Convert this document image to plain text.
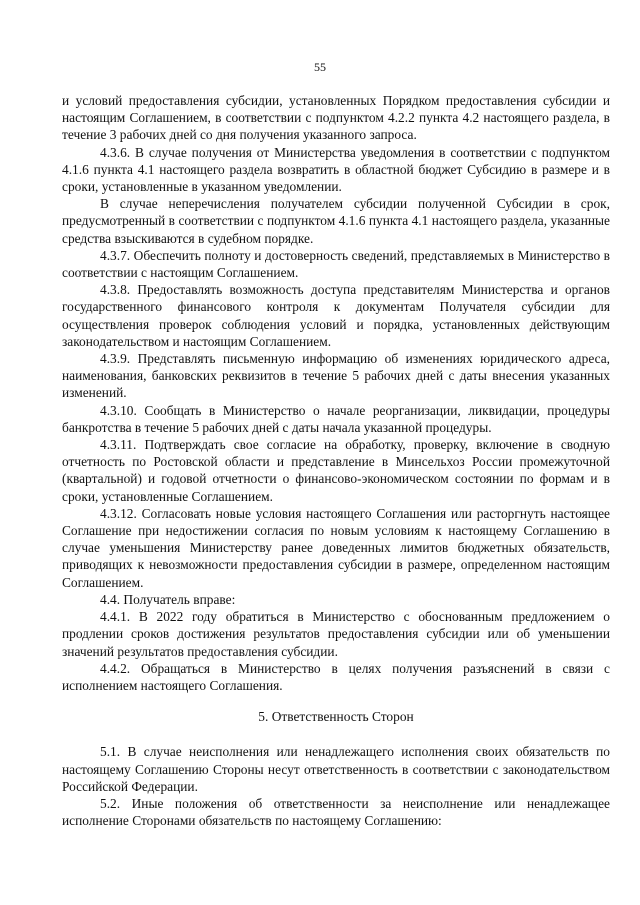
55

и условий предоставления субсидии, установленных Порядком предоставления субсидии и настоящим Соглашением, в соответствии с подпунктом 4.2.2 пункта 4.2 настоящего раздела, в течение 3 рабочих дней со дня получения указанного запроса.

4.3.6. В случае получения от Министерства уведомления в соответствии с подпунктом 4.1.6 пункта 4.1 настоящего раздела возвратить в областной бюджет Субсидию в размере и в сроки, установленные в указанном уведомлении.

В случае неперечисления получателем субсидии полученной Субсидии в срок, предусмотренный в соответствии с подпунктом 4.1.6 пункта 4.1 настоящего раздела, указанные средства взыскиваются в судебном порядке.

4.3.7. Обеспечить полноту и достоверность сведений, представляемых в Министерство в соответствии с настоящим Соглашением.

4.3.8. Предоставлять возможность доступа представителям Министерства и органов государственного финансового контроля к документам Получателя субсидии для осуществления проверок соблюдения условий и порядка, установленных действующим законодательством и настоящим Соглашением.

4.3.9. Представлять письменную информацию об изменениях юридического адреса, наименования, банковских реквизитов в течение 5 рабочих дней с даты внесения указанных изменений.

4.3.10. Сообщать в Министерство о начале реорганизации, ликвидации, процедуры банкротства в течение 5 рабочих дней с даты начала указанной процедуры.

4.3.11. Подтверждать свое согласие на обработку, проверку, включение в сводную отчетность по Ростовской области и представление в Минсельхоз России промежуточной (квартальной) и годовой отчетности о финансово-экономическом состоянии по формам и в сроки, установленные Соглашением.

4.3.12. Согласовать новые условия настоящего Соглашения или расторгнуть настоящее Соглашение при недостижении согласия по новым условиям к настоящему Соглашению в случае уменьшения Министерству ранее доведенных лимитов бюджетных обязательств, приводящих к невозможности предоставления субсидии в размере, определенном настоящим Соглашением.

4.4. Получатель вправе:

4.4.1. В 2022 году обратиться в Министерство с обоснованным предложением о продлении сроков достижения результатов предоставления субсидии или об уменьшении значений результатов предоставления субсидии.

4.4.2. Обращаться в Министерство в целях получения разъяснений в связи с исполнением настоящего Соглашения.

5. Ответственность Сторон

5.1. В случае неисполнения или ненадлежащего исполнения своих обязательств по настоящему Соглашению Стороны несут ответственность в соответствии с законодательством Российской Федерации.

5.2. Иные положения об ответственности за неисполнение или ненадлежащее исполнение Сторонами обязательств по настоящему Соглашению:
